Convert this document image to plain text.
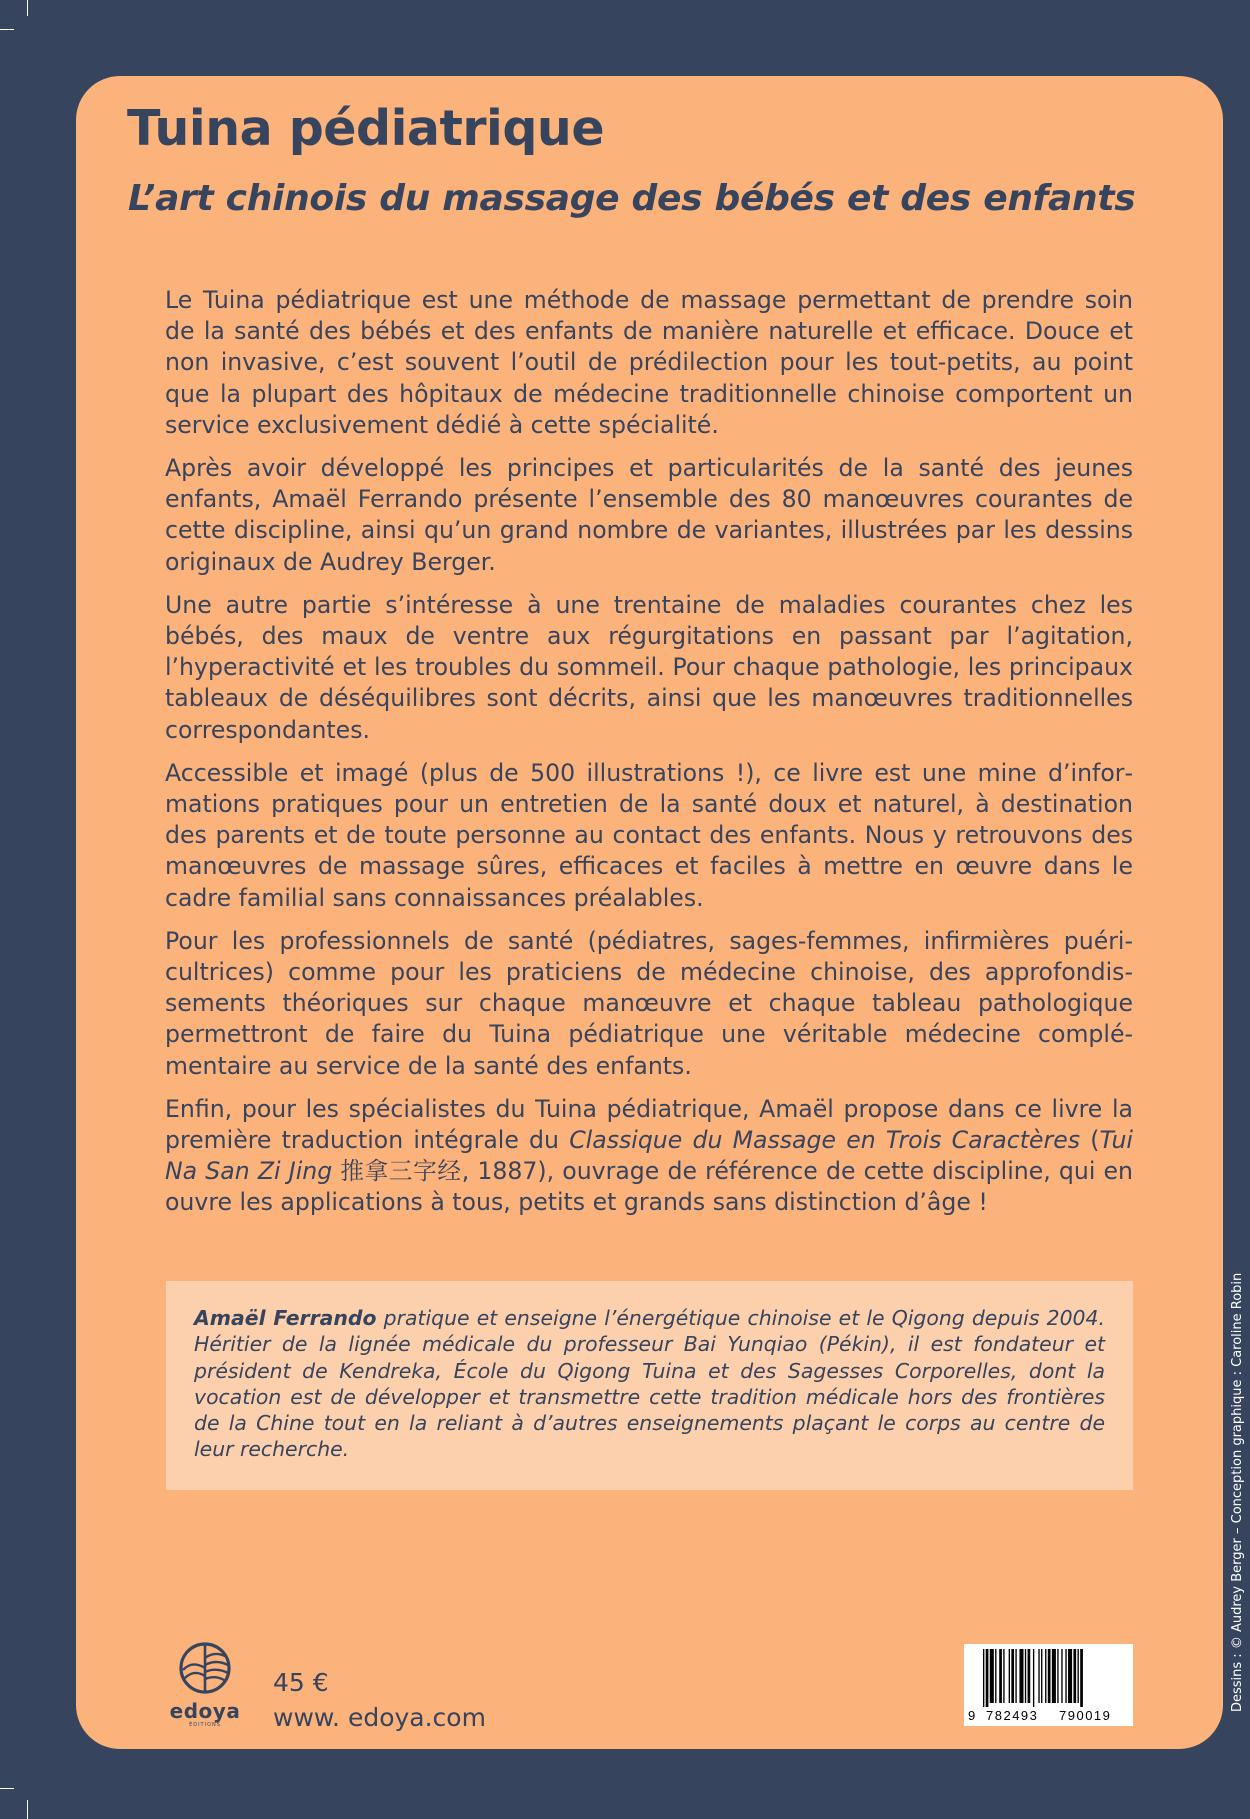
Tuina pédiatrique
L’art chinois du massage des bébés et des enfants

Le Tuina pédiatrique est une méthode de massage permettant de prendre soin de la santé des bébés et des enfants de manière naturelle et efficace. Douce et non invasive, c’est souvent l’outil de prédilection pour les tout-petits, au point que la plupart des hôpitaux de médecine traditionnelle chinoise comportent un service exclusivement dédié à cette spécialité.

Après avoir développé les principes et particularités de la santé des jeunes enfants, Amaël Ferrando présente l’ensemble des 80 manœuvres courantes de cette discipline, ainsi qu’un grand nombre de variantes, illustrées par les dessins originaux de Audrey Berger.

Une autre partie s’intéresse à une trentaine de maladies courantes chez les bébés, des maux de ventre aux régurgitations en passant par l’agitation, l’hyperactivité et les troubles du sommeil. Pour chaque pathologie, les principaux tableaux de déséquilibres sont décrits, ainsi que les manœuvres traditionnelles correspondantes.

Accessible et imagé (plus de 500 illustrations !), ce livre est une mine d’informations pratiques pour un entretien de la santé doux et naturel, à destination des parents et de toute personne au contact des enfants. Nous y retrouvons des manœuvres de massage sûres, efficaces et faciles à mettre en œuvre dans le cadre familial sans connaissances préalables.

Pour les professionnels de santé (pédiatres, sages-femmes, infirmières puéricultrices) comme pour les praticiens de médecine chinoise, des approfondissements théoriques sur chaque manœuvre et chaque tableau pathologique permettront de faire du Tuina pédiatrique une véritable médecine complémentaire au service de la santé des enfants.

Enfin, pour les spécialistes du Tuina pédiatrique, Amaël propose dans ce livre la première traduction intégrale du Classique du Massage en Trois Caractères (Tui Na San Zi Jing 推拿三字经, 1887), ouvrage de référence de cette discipline, qui en ouvre les applications à tous, petits et grands sans distinction d’âge !

Amaël Ferrando pratique et enseigne l’énergétique chinoise et le Qigong depuis 2004. Héritier de la lignée médicale du professeur Bai Yunqiao (Pékin), il est fondateur et président de Kendreka, École du Qigong Tuina et des Sagesses Corporelles, dont la vocation est de développer et transmettre cette tradition médicale hors des frontières de la Chine tout en la reliant à d’autres enseignements plaçant le corps au centre de leur recherche.	Dessins : © Audrey Berger – Conception graphique : Caroline Robin
edoya
ÉDITIONS
45 €
www. edoya.com	9 782493 790019
